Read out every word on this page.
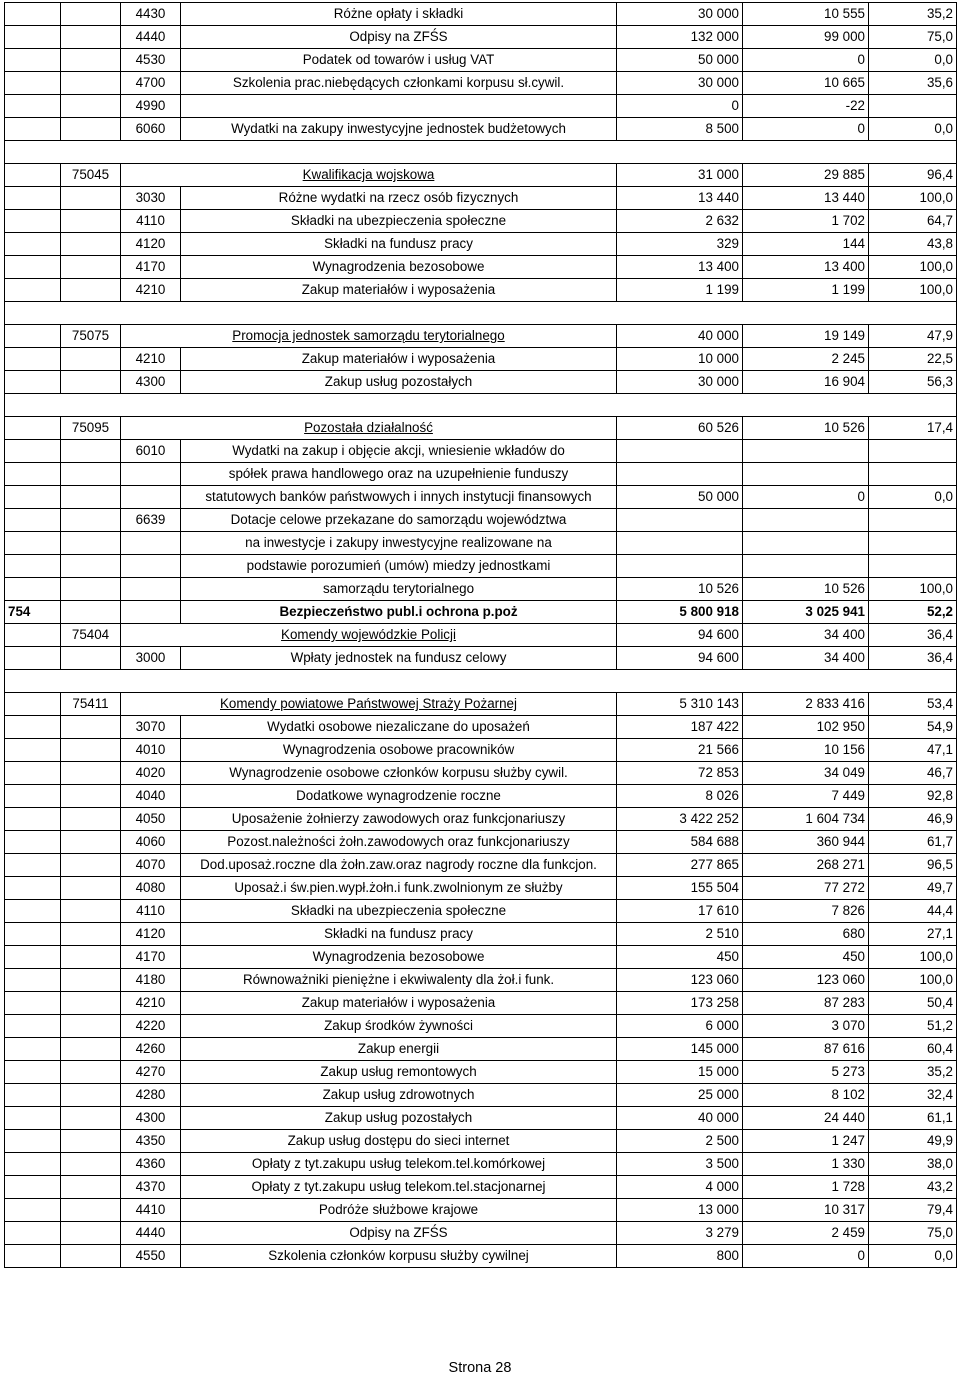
		4430	Różne opłaty i składki	30 000	10 555	35,2
		4440	Odpisy na ZFŚS	132 000	99 000	75,0
		4530	Podatek od towarów i usług VAT	50 000	0	0,0
		4700	Szkolenia prac.niebędących członkami korpusu sł.cywil.	30 000	10 665	35,6
		4990		0	-22	
		6060	Wydatki na zakupy inwestycyjne jednostek budżetowych	8 500	0	0,0

	75045	Kwalifikacja wojskowa		31 000	29 885	96,4
		3030	Różne wydatki na rzecz osób fizycznych	13 440	13 440	100,0
		4110	Składki na ubezpieczenia społeczne	2 632	1 702	64,7
		4120	Składki na fundusz pracy	329	144	43,8
		4170	Wynagrodzenia bezosobowe	13 400	13 400	100,0
		4210	Zakup materiałów i wyposażenia	1 199	1 199	100,0

	75075	Promocja jednostek samorządu terytorialnego		40 000	19 149	47,9
		4210	Zakup materiałów i wyposażenia	10 000	2 245	22,5
		4300	Zakup usług pozostałych	30 000	16 904	56,3

	75095	Pozostała działalność		60 526	10 526	17,4
		6010	Wydatki na zakup i objęcie akcji, wniesienie wkładów do			
			spółek prawa handlowego oraz na uzupełnienie funduszy			
			statutowych banków państwowych i innych instytucji finansowych	50 000	0	0,0
		6639	Dotacje celowe przekazane do samorządu województwa			
			na inwestycje i zakupy inwestycyjne realizowane na			
			podstawie porozumień (umów) miedzy jednostkami			
			samorządu terytorialnego	10 526	10 526	100,0
754			Bezpieczeństwo publ.i ochrona p.poż	5 800 918	3 025 941	52,2
	75404	Komendy wojewódzkie Policji		94 600	34 400	36,4
		3000	Wpłaty jednostek na fundusz celowy	94 600	34 400	36,4

	75411	Komendy powiatowe Państwowej Straży Pożarnej		5 310 143	2 833 416	53,4
		3070	Wydatki osobowe niezaliczane do uposażeń	187 422	102 950	54,9
		4010	Wynagrodzenia osobowe pracowników	21 566	10 156	47,1
		4020	Wynagrodzenie osobowe członków korpusu służby cywil.	72 853	34 049	46,7
		4040	Dodatkowe wynagrodzenie roczne	8 026	7 449	92,8
		4050	Uposażenie żołnierzy zawodowych oraz funkcjonariuszy	3 422 252	1 604 734	46,9
		4060	Pozost.należności żołn.zawodowych oraz funkcjonariuszy	584 688	360 944	61,7
		4070	Dod.uposaż.roczne dla żołn.zaw.oraz nagrody roczne dla funkcjon.	277 865	268 271	96,5
		4080	Uposaż.i św.pien.wypł.żołn.i funk.zwolnionym ze służby	155 504	77 272	49,7
		4110	Składki na ubezpieczenia społeczne	17 610	7 826	44,4
		4120	Składki na fundusz pracy	2 510	680	27,1
		4170	Wynagrodzenia bezosobowe	450	450	100,0
		4180	Równoważniki pieniężne i ekwiwalenty dla żoł.i funk.	123 060	123 060	100,0
		4210	Zakup materiałów i wyposażenia	173 258	87 283	50,4
		4220	Zakup środków żywności	6 000	3 070	51,2
		4260	Zakup energii	145 000	87 616	60,4
		4270	Zakup usług remontowych	15 000	5 273	35,2
		4280	Zakup usług zdrowotnych	25 000	8 102	32,4
		4300	Zakup usług pozostałych	40 000	24 440	61,1
		4350	Zakup usług dostępu do sieci internet	2 500	1 247	49,9
		4360	Opłaty z tyt.zakupu usług telekom.tel.komórkowej	3 500	1 330	38,0
		4370	Opłaty z tyt.zakupu usług telekom.tel.stacjonarnej	4 000	1 728	43,2
		4410	Podróże służbowe krajowe	13 000	10 317	79,4
		4440	Odpisy na ZFŚS	3 279	2 459	75,0
		4550	Szkolenia członków korpusu służby cywilnej	800	0	0,0
Strona 28
